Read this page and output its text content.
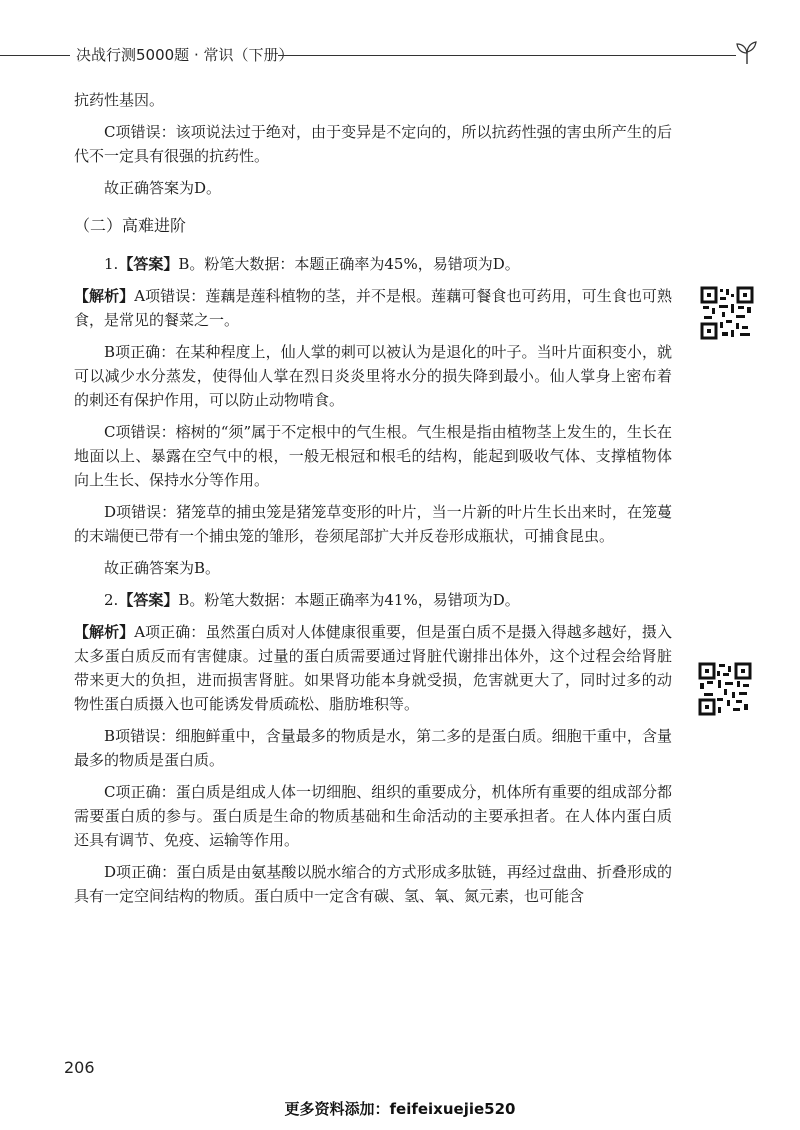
决战行测5000题 · 常识（下册）

抗药性基因。

C项错误：该项说法过于绝对，由于变异是不定向的，所以抗药性强的害虫所产生的后代不一定具有很强的抗药性。

故正确答案为D。

（二）高难进阶

1.【答案】B。粉笔大数据：本题正确率为45%，易错项为D。

【解析】A项错误：莲藕是莲科植物的茎，并不是根。莲藕可餐食也可药用，可生食也可熟食，是常见的餐菜之一。

B项正确：在某种程度上，仙人掌的刺可以被认为是退化的叶子。当叶片面积变小，就可以减少水分蒸发，使得仙人掌在烈日炎炎里将水分的损失降到最小。仙人掌身上密布着的刺还有保护作用，可以防止动物啃食。

C项错误：榕树的“须”属于不定根中的气生根。气生根是指由植物茎上发生的，生长在地面以上、暴露在空气中的根，一般无根冠和根毛的结构，能起到吸收气体、支撑植物体向上生长、保持水分等作用。

D项错误：猪笼草的捕虫笼是猪笼草变形的叶片，当一片新的叶片生长出来时，在笼蔓的末端便已带有一个捕虫笼的雏形，卷须尾部扩大并反卷形成瓶状，可捕食昆虫。

故正确答案为B。

2.【答案】B。粉笔大数据：本题正确率为41%，易错项为D。

【解析】A项正确：虽然蛋白质对人体健康很重要，但是蛋白质不是摄入得越多越好，摄入太多蛋白质反而有害健康。过量的蛋白质需要通过肾脏代谢排出体外，这个过程会给肾脏带来更大的负担，进而损害肾脏。如果肾功能本身就受损，危害就更大了，同时过多的动物性蛋白质摄入也可能诱发骨质疏松、脂肪堆积等。

B项错误：细胞鲜重中，含量最多的物质是水，第二多的是蛋白质。细胞干重中，含量最多的物质是蛋白质。

C项正确：蛋白质是组成人体一切细胞、组织的重要成分，机体所有重要的组成部分都需要蛋白质的参与。蛋白质是生命的物质基础和生命活动的主要承担者。在人体内蛋白质还具有调节、免疫、运输等作用。

D项正确：蛋白质是由氨基酸以脱水缩合的方式形成多肽链，再经过盘曲、折叠形成的具有一定空间结构的物质。蛋白质中一定含有碳、氢、氧、氮元素，也可能含

206
更多资料添加：feifeixuejie520
